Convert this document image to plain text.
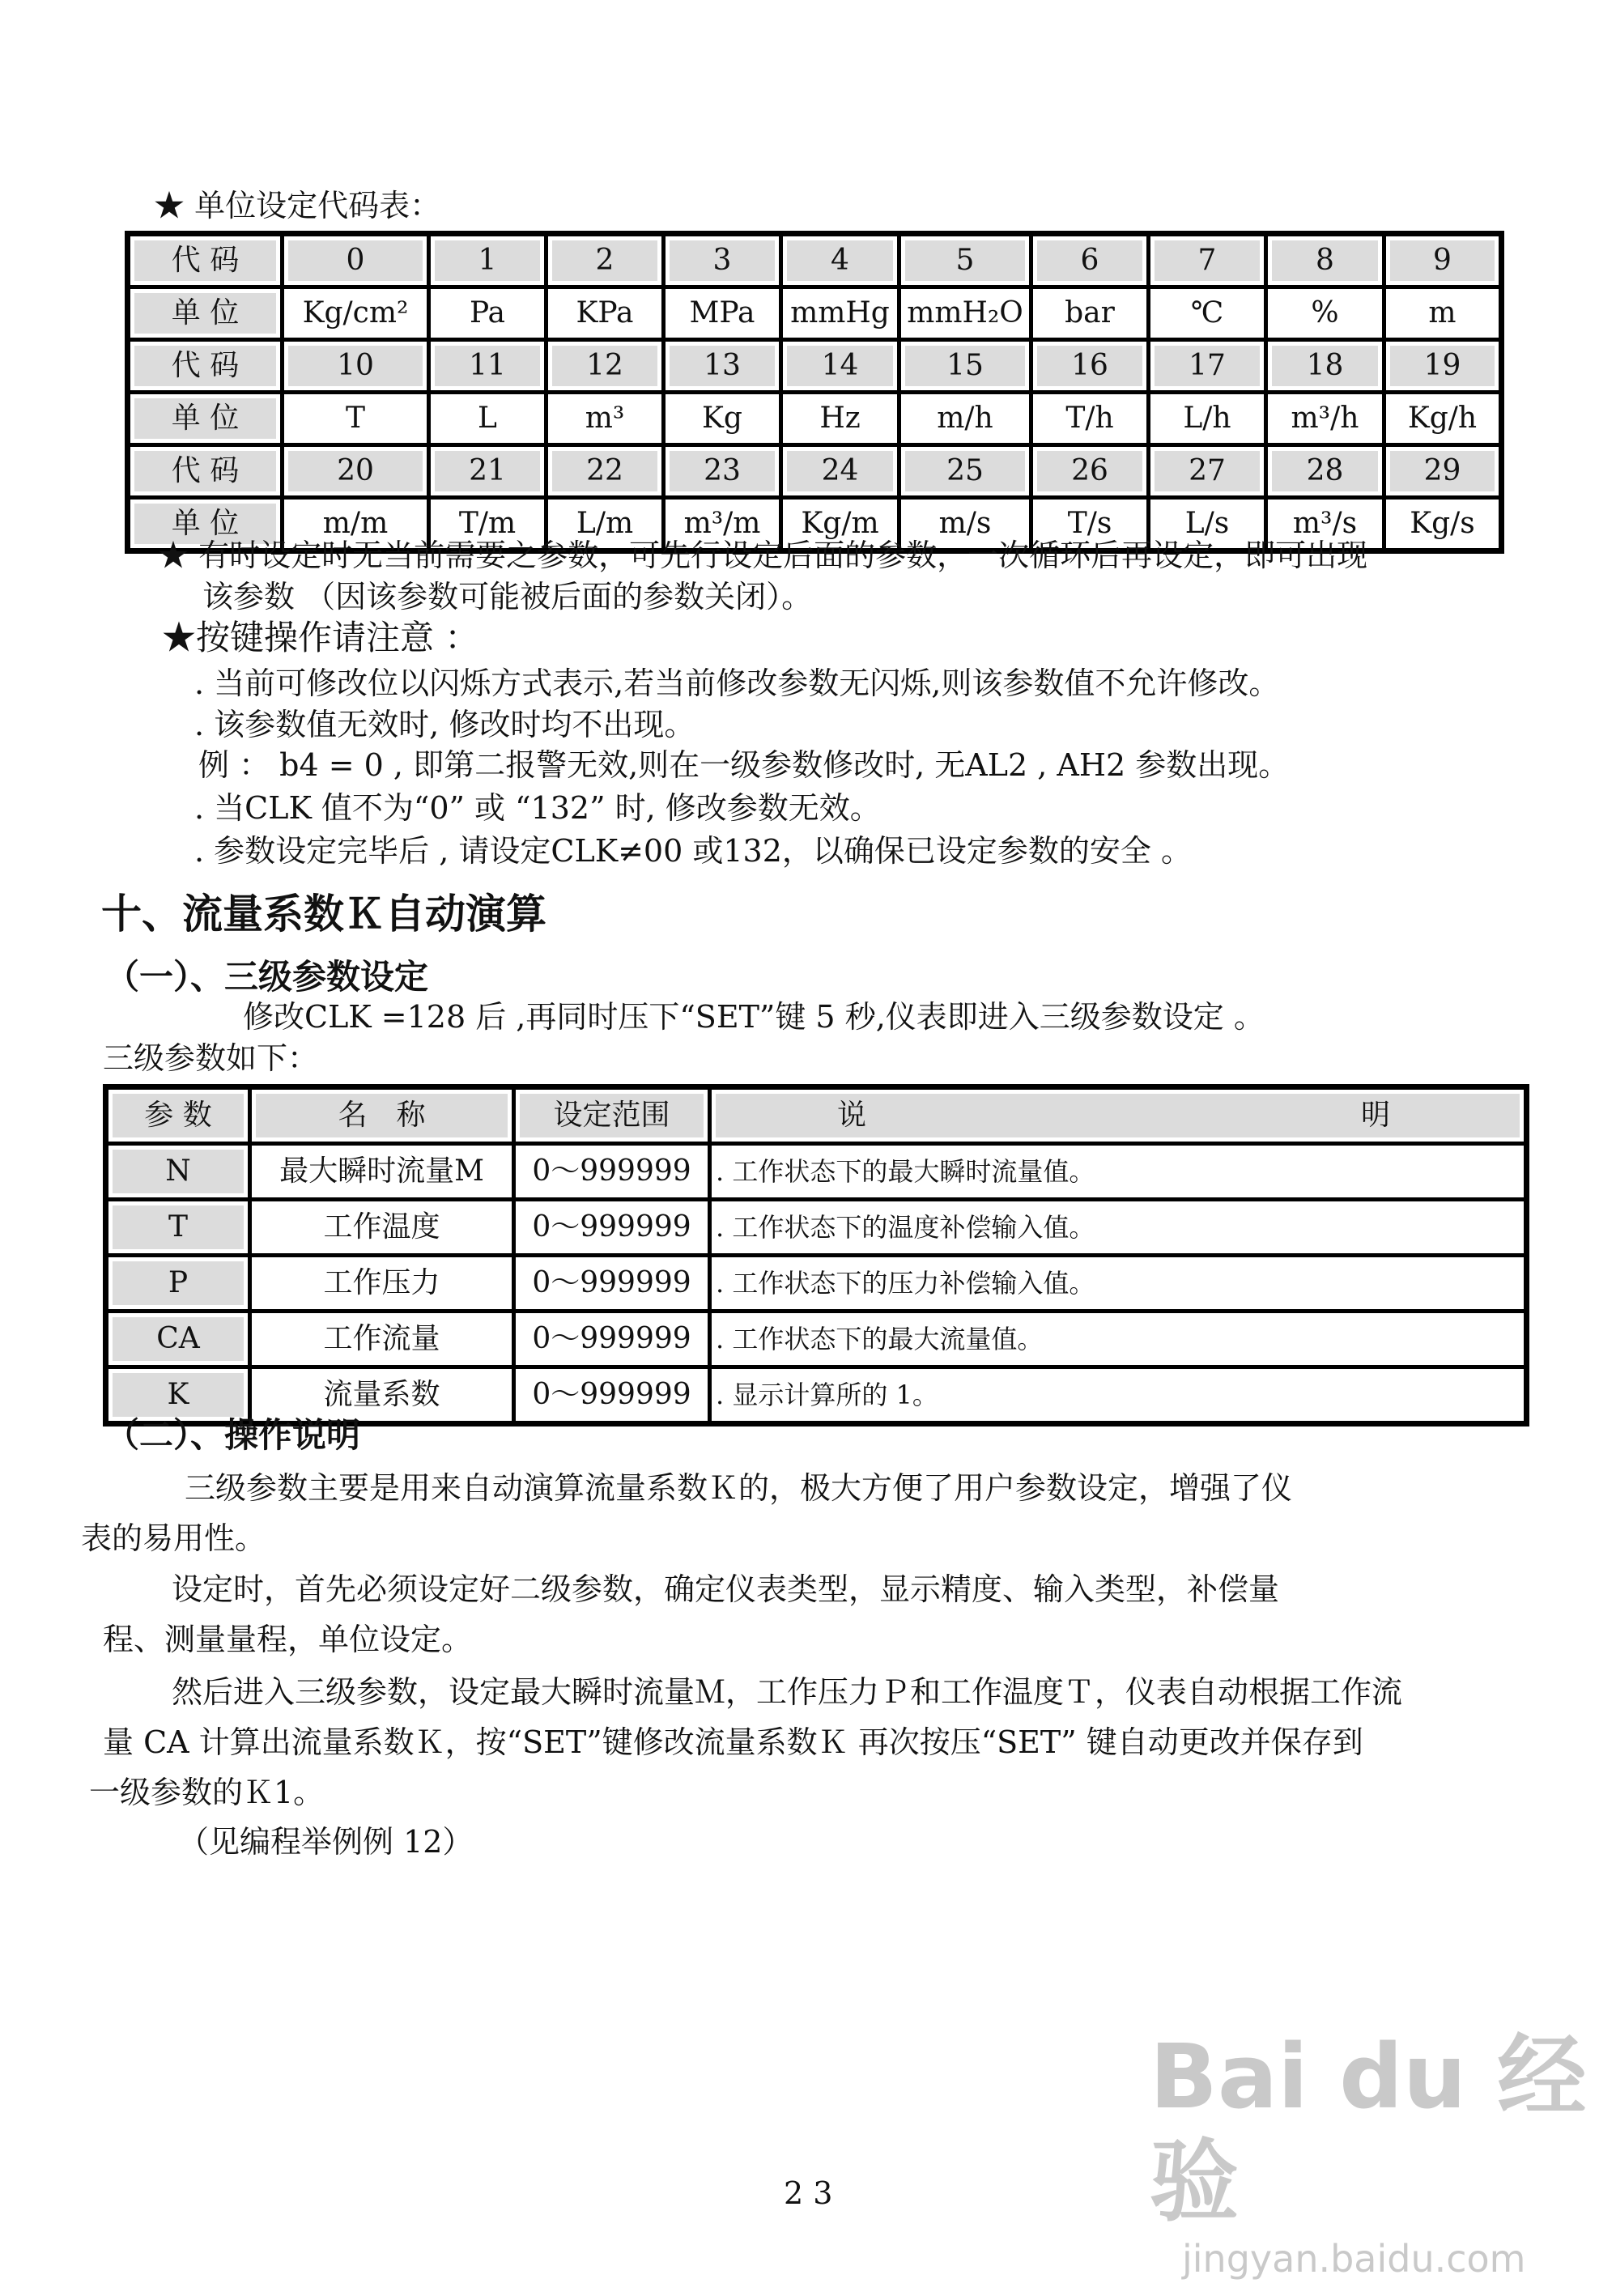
★ 单位设定代码表：
代 码	0	1	2	3	4	5	6	7	8	9

单 位	Kg/cm²	Pa	KPa	MPa	mmHg	mmH₂O	bar	℃	%	m

代 码	10	11	12	13	14	15	16	17	18	19

单 位	T	L	m³	Kg	Hz	m/h	T/h	L/h	m³/h	Kg/h

代 码	20	21	22	23	24	25	26	27	28	29

单 位	m/m	T/m	L/m	m³/m	Kg/m	m/s	T/s	L/s	m³/s	Kg/s
★ 有时设定时无当前需要之参数，可先行设定后面的参数，一次循环后再设定，即可出现
该参数 （因该参数可能被后面的参数关闭）。
★按键操作请注意 ：
. 当前可修改位以闪烁方式表示,若当前修改参数无闪烁,则该参数值不允许修改。
. 该参数值无效时, 修改时均不出现。
例 ： b4 = 0 , 即第二报警无效,则在一级参数修改时, 无AL2 , AH2 参数出现。
. 当CLK 值不为“0” 或 “132” 时, 修改参数无效。
. 参数设定完毕后 , 请设定CLK≠00 或132，以确保已设定参数的安全 。
十、流量系数Ｋ自动演算
（一）、三级参数设定
修改CLK =128 后 ,再同时压下“SET”键 5 秒,仪表即进入三级参数设定 。
三级参数如下：
参 数	名　称	设定范围	说 明

N	最大瞬时流量M	0～999999	. 工作状态下的最大瞬时流量值。

T	工作温度	0～999999	. 工作状态下的温度补偿输入值。

P	工作压力	0～999999	. 工作状态下的压力补偿输入值。

CA	工作流量	0～999999	. 工作状态下的最大流量值。

K	流量系数	0～999999	. 显示计算所的 1。
（二）、操作说明
三级参数主要是用来自动演算流量系数Ｋ的，极大方便了用户参数设定，增强了仪
表的易用性。
设定时，首先必须设定好二级参数，确定仪表类型，显示精度、输入类型，补偿量
程、测量量程，单位设定。
然后进入三级参数，设定最大瞬时流量Ｍ，工作压力Ｐ和工作温度Ｔ，仪表自动根据工作流
量 CA 计算出流量系数Ｋ，按“SET”键修改流量系数Ｋ 再次按压“SET” 键自动更改并保存到
一级参数的Ｋ1。
（见编程举例例 12）
2 3
Bai du 经验
jingyan.baidu.com
